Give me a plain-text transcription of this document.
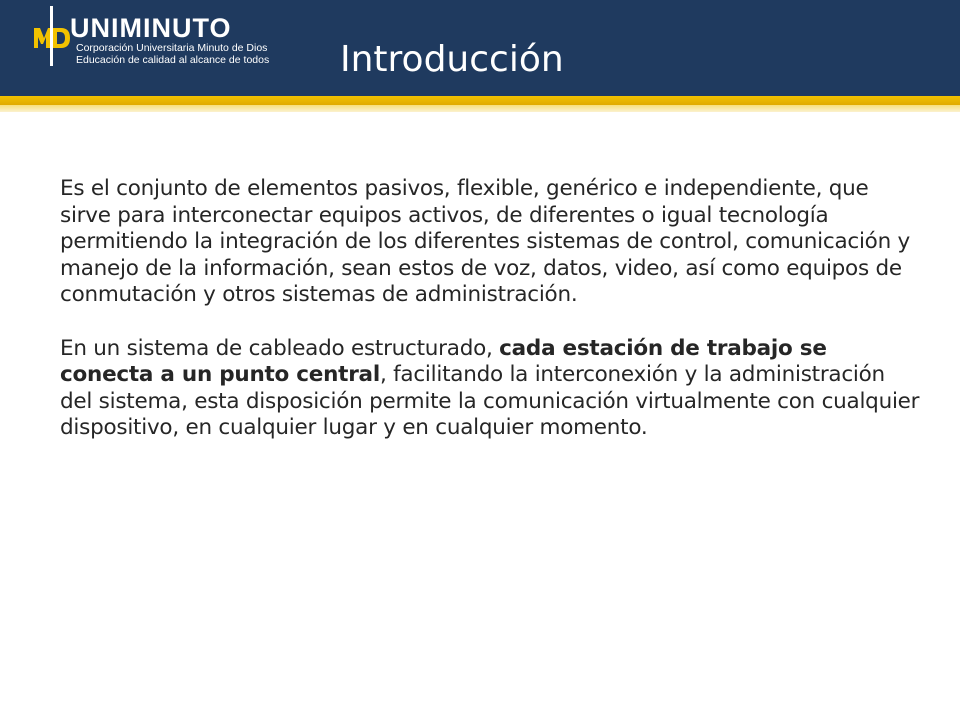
UNIMINUTO
Corporación Universitaria Minuto de Dios
Educación de calidad al alcance de todos Introducción

Es el conjunto de elementos pasivos, flexible, genérico e independiente, que sirve para interconectar equipos activos, de diferentes o igual tecnología permitiendo la integración de los diferentes sistemas de control, comunicación y manejo de la información, sean estos de voz, datos, video, así como equipos de conmutación y otros sistemas de administración.

En un sistema de cableado estructurado, cada estación de trabajo se conecta a un punto central, facilitando la interconexión y la administración del sistema, esta disposición permite la comunicación virtualmente con cualquier dispositivo, en cualquier lugar y en cualquier momento.
